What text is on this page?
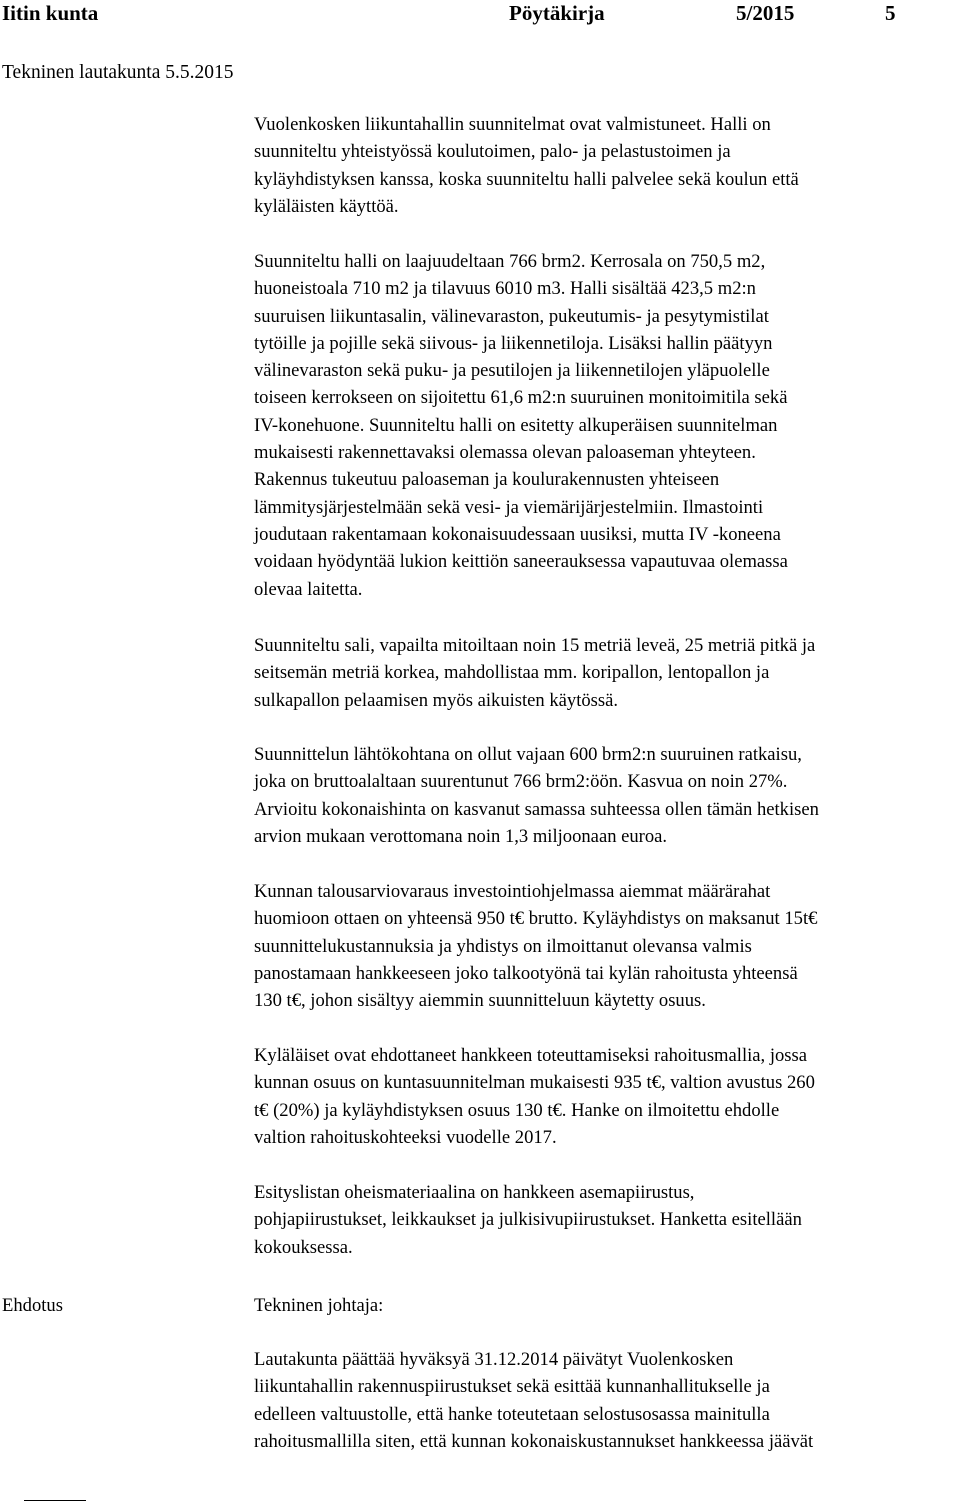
Iitin kunta	Pöytäkirja	5/2015	5
Tekninen lautakunta 5.5.2015

Vuolenkosken liikuntahallin suunnitelmat ovat valmistuneet. Halli on

suunniteltu yhteistyössä koulutoimen, palo- ja pelastustoimen ja

kyläyhdistyksen kanssa, koska suunniteltu halli palvelee sekä koulun että

kyläläisten käyttöä.

Suunniteltu halli on laajuudeltaan 766 brm2. Kerrosala on 750,5 m2,

huoneistoala 710 m2 ja tilavuus 6010 m3. Halli sisältää 423,5 m2:n

suuruisen liikuntasalin, välinevaraston, pukeutumis- ja pesytymistilat

tytöille ja pojille sekä siivous- ja liikennetiloja. Lisäksi hallin päätyyn

välinevaraston sekä puku- ja pesutilojen ja liikennetilojen yläpuolelle

toiseen kerrokseen on sijoitettu 61,6 m2:n suuruinen monitoimitila sekä

IV-konehuone. Suunniteltu halli on esitetty alkuperäisen suunnitelman

mukaisesti rakennettavaksi olemassa olevan paloaseman yhteyteen.

Rakennus tukeutuu paloaseman ja koulurakennusten yhteiseen

lämmitysjärjestelmään sekä vesi- ja viemärijärjestelmiin. Ilmastointi

joudutaan rakentamaan kokonaisuudessaan uusiksi, mutta IV -koneena

voidaan hyödyntää lukion keittiön saneerauksessa vapautuvaa olemassa

olevaa laitetta.

Suunniteltu sali, vapailta mitoiltaan noin 15 metriä leveä, 25 metriä pitkä ja

seitsemän metriä korkea, mahdollistaa mm. koripallon, lentopallon ja

sulkapallon pelaamisen myös aikuisten käytössä.

Suunnittelun lähtökohtana on ollut vajaan 600 brm2:n suuruinen ratkaisu,

joka on bruttoalaltaan suurentunut 766 brm2:öön. Kasvua on noin 27%.

Arvioitu kokonaishinta on kasvanut samassa suhteessa ollen tämän hetkisen

arvion mukaan verottomana noin 1,3 miljoonaan euroa.

Kunnan talousarviovaraus investointiohjelmassa aiemmat määrärahat

huomioon ottaen on yhteensä 950 t€ brutto. Kyläyhdistys on maksanut 15t€

suunnittelukustannuksia ja yhdistys on ilmoittanut olevansa valmis

panostamaan hankkeeseen joko talkootyönä tai kylän rahoitusta yhteensä

130 t€, johon sisältyy aiemmin suunnitteluun käytetty osuus.

Kyläläiset ovat ehdottaneet hankkeen toteuttamiseksi rahoitusmallia, jossa

kunnan osuus on kuntasuunnitelman mukaisesti 935 t€, valtion avustus 260

t€ (20%) ja kyläyhdistyksen osuus 130 t€. Hanke on ilmoitettu ehdolle

valtion rahoituskohteeksi vuodelle 2017.

Esityslistan oheismateriaalina on hankkeen asemapiirustus,

pohjapiirustukset, leikkaukset ja julkisivupiirustukset. Hanketta esitellään

kokouksessa.

Ehdotus	Tekninen johtaja:

Lautakunta päättää hyväksyä 31.12.2014 päivätyt Vuolenkosken

liikuntahallin rakennuspiirustukset sekä esittää kunnanhallitukselle ja

edelleen valtuustolle, että hanke toteutetaan selostusosassa mainitulla

rahoitusmallilla siten, että kunnan kokonaiskustannukset hankkeessa jäävät
